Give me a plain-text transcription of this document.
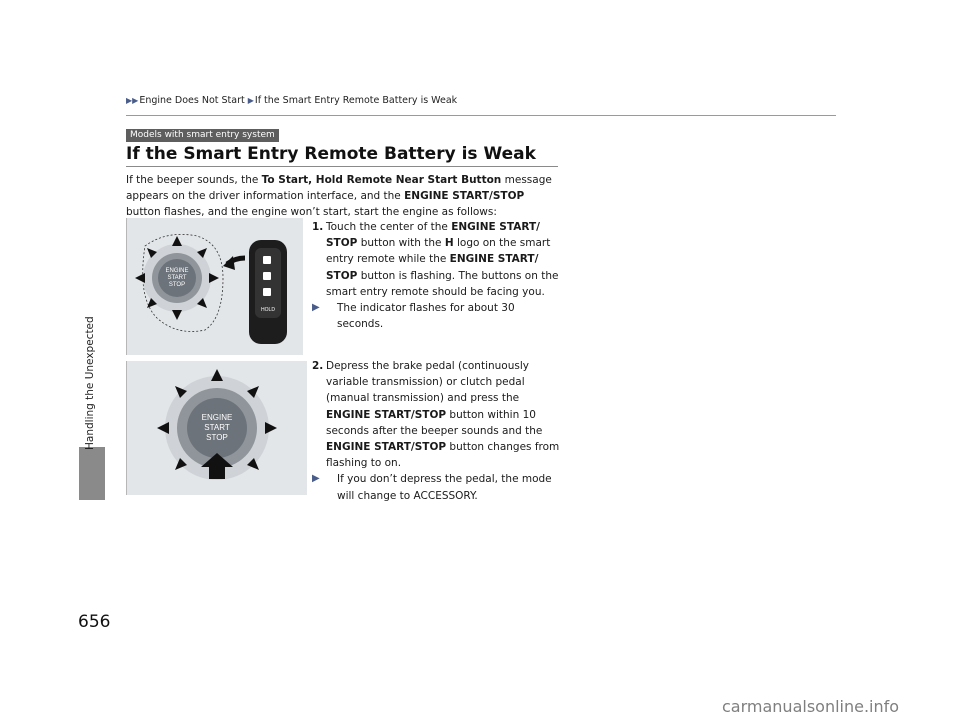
▶▶Engine Does Not Start ▶If the Smart Entry Remote Battery is Weak
Handling the Unexpected
Models with smart entry system
If the Smart Entry Remote Battery is Weak
If the beeper sounds, the To Start, Hold Remote Near Start Button message appears on the driver information interface, and the ENGINE START/STOP button flashes, and the engine won’t start, start the engine as follows:
ENGINE
START
STOP
HOLD
1. Touch the center of the ENGINE START/ STOP button with the H logo on the smart entry remote while the ENGINE START/ STOP button is flashing. The buttons on the smart entry remote should be facing you.
▶	The indicator flashes for about 30 seconds.
ENGINE
START
STOP
2. Depress the brake pedal (continuously variable transmission) or clutch pedal (manual transmission) and press the ENGINE START/STOP button within 10 seconds after the beeper sounds and the ENGINE START/STOP button changes from flashing to on.
▶	If you don’t depress the pedal, the mode will change to ACCESSORY.
656
carmanualsonline.info
